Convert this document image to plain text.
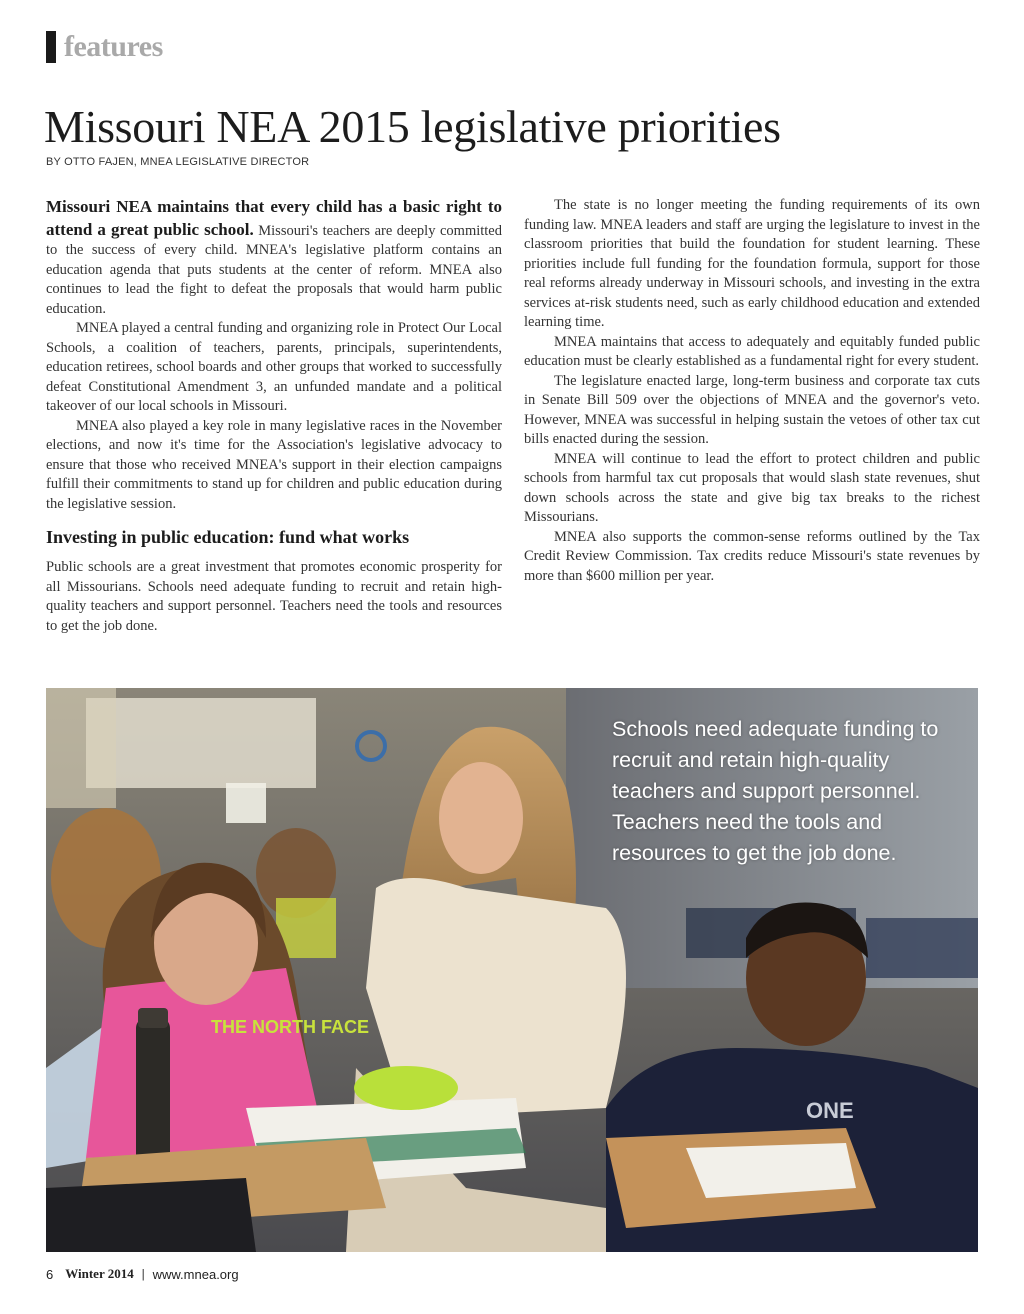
features
Missouri NEA 2015 legislative priorities
BY OTTO FAJEN, MNEA LEGISLATIVE DIRECTOR

Missouri NEA maintains that every child has a basic right to attend a great public school. Missouri's teachers are deeply committed to the success of every child. MNEA's legislative platform contains an education agenda that puts students at the center of reform. MNEA also continues to lead the fight to defeat the proposals that would harm public education.

MNEA played a central funding and organizing role in Protect Our Local Schools, a coalition of teachers, parents, principals, superintendents, education retirees, school boards and other groups that worked to successfully defeat Constitutional Amendment 3, an unfunded mandate and a political takeover of our local schools in Missouri.

MNEA also played a key role in many legislative races in the November elections, and now it's time for the Association's legislative advocacy to ensure that those who received MNEA's support in their election campaigns fulfill their commitments to stand up for children and public education during the legislative session.

Investing in public education: fund what works

Public schools are a great investment that promotes economic prosperity for all Missourians. Schools need adequate funding to recruit and retain high-quality teachers and support personnel. Teachers need the tools and resources to get the job done.

The state is no longer meeting the funding requirements of its own funding law. MNEA leaders and staff are urging the legislature to invest in the classroom priorities that build the foundation for student learning. These priorities include full funding for the foundation formula, support for those real reforms already underway in Missouri schools, and investing in the extra services at-risk students need, such as early childhood education and extended learning time.

MNEA maintains that access to adequately and equitably funded public education must be clearly established as a fundamental right for every student.

The legislature enacted large, long-term business and corporate tax cuts in Senate Bill 509 over the objections of MNEA and the governor's veto. However, MNEA was successful in helping sustain the vetoes of other tax cut bills enacted during the session.

MNEA will continue to lead the effort to protect children and public schools from harmful tax cut proposals that would slash state revenues, shut down schools across the state and give big tax breaks to the richest Missourians.

MNEA also supports the common-sense reforms outlined by the Tax Credit Review Commission. Tax credits reduce Missouri's state revenues by more than $600 million per year.

THE NORTH FACE
ONE
Schools need adequate funding to recruit and retain high-quality teachers and support personnel. Teachers need the tools and resources to get the job done.
6 Winter 2014 | www.mnea.org
